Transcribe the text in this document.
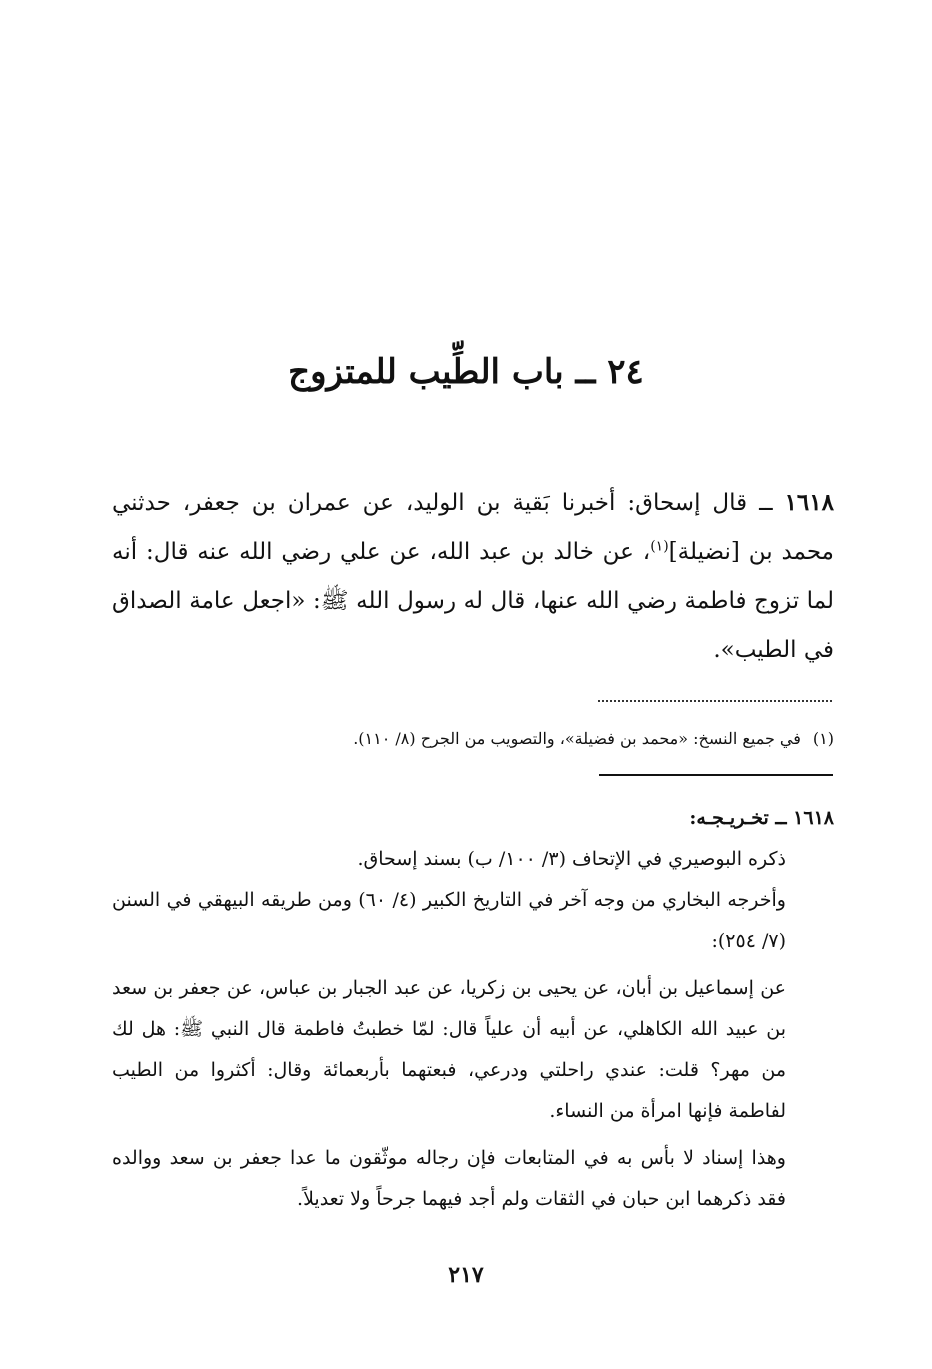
٢٤ ــ باب الطِّيب للمتزوج

١٦١٨ ــ قال إسحاق: أخبرنا بَقية بن الوليد، عن عمران بن جعفر، حدثني محمد بن [نضيلة]$^{(١)}$، عن خالد بن عبد الله، عن علي رضي الله عنه قال: أنه لما تزوج فاطمة رضي الله عنها، قال له رسول الله ﷺ: «اجعل عامة الصداق في الطيب».

(١)في جميع النسخ: «محمد بن فضيلة»، والتصويب من الجرح (٨/ ١١٠).

١٦١٨ ــ تخـريـجـه:

ذكره البوصيري في الإتحاف (٣/ ١٠٠/ ب) بسند إسحاق.

وأخرجه البخاري من وجه آخر في التاريخ الكبير (٤/ ٦٠) ومن طريقه البيهقي في السنن (٧/ ٢٥٤):

عن إسماعيل بن أبان، عن يحيى بن زكريا، عن عبد الجبار بن عباس، عن جعفر بن سعد بن عبيد الله الكاهلي، عن أبيه أن علياً قال: لمّا خطبتُ فاطمة قال النبي ﷺ: هل لك من مهر؟ قلت: عندي راحلتي ودرعي، فبعتهما بأربعمائة وقال: أكثروا من الطيب لفاطمة فإنها امرأة من النساء.

وهذا إسناد لا بأس به في المتابعات فإن رجاله موثّقون ما عدا جعفر بن سعد ووالده فقد ذكرهما ابن حبان في الثقات ولم أجد فيهما جرحاً ولا تعديلاً.

٢١٧
